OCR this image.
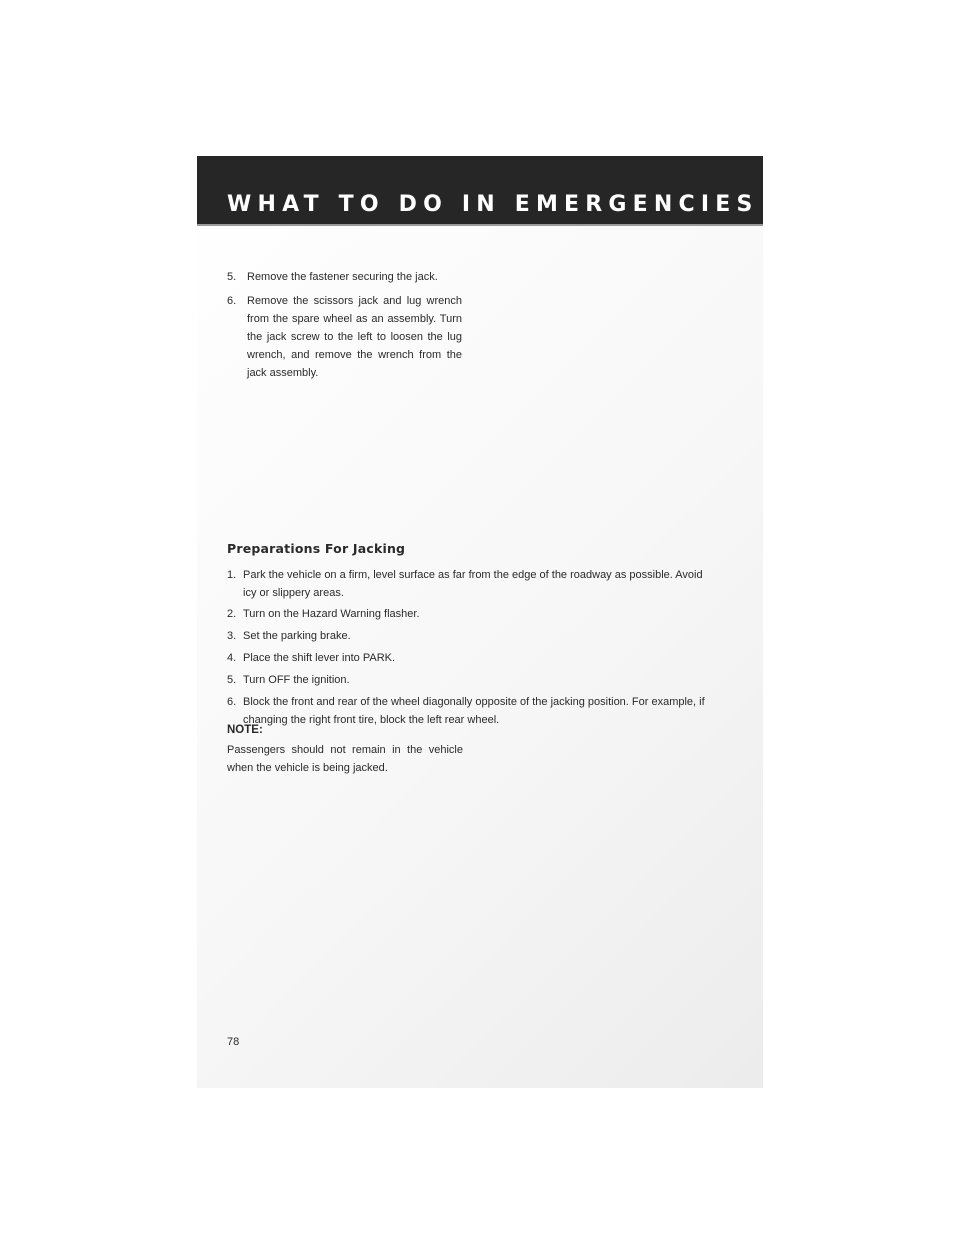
WHAT TO DO IN EMERGENCIES
5. Remove the fastener securing the jack.
6. Remove the scissors jack and lug wrench from the spare wheel as an assembly. Turn the jack screw to the left to loosen the lug wrench, and remove the wrench from the jack assembly.
Preparations For Jacking
1. Park the vehicle on a firm, level surface as far from the edge of the roadway as possible. Avoid icy or slippery areas.
2. Turn on the Hazard Warning flasher.
3. Set the parking brake.
4. Place the shift lever into PARK.
5. Turn OFF the ignition.
6. Block the front and rear of the wheel diagonally opposite of the jacking position. For example, if changing the right front tire, block the left rear wheel.
NOTE:
Passengers should not remain in the vehicle when the vehicle is being jacked.
78
